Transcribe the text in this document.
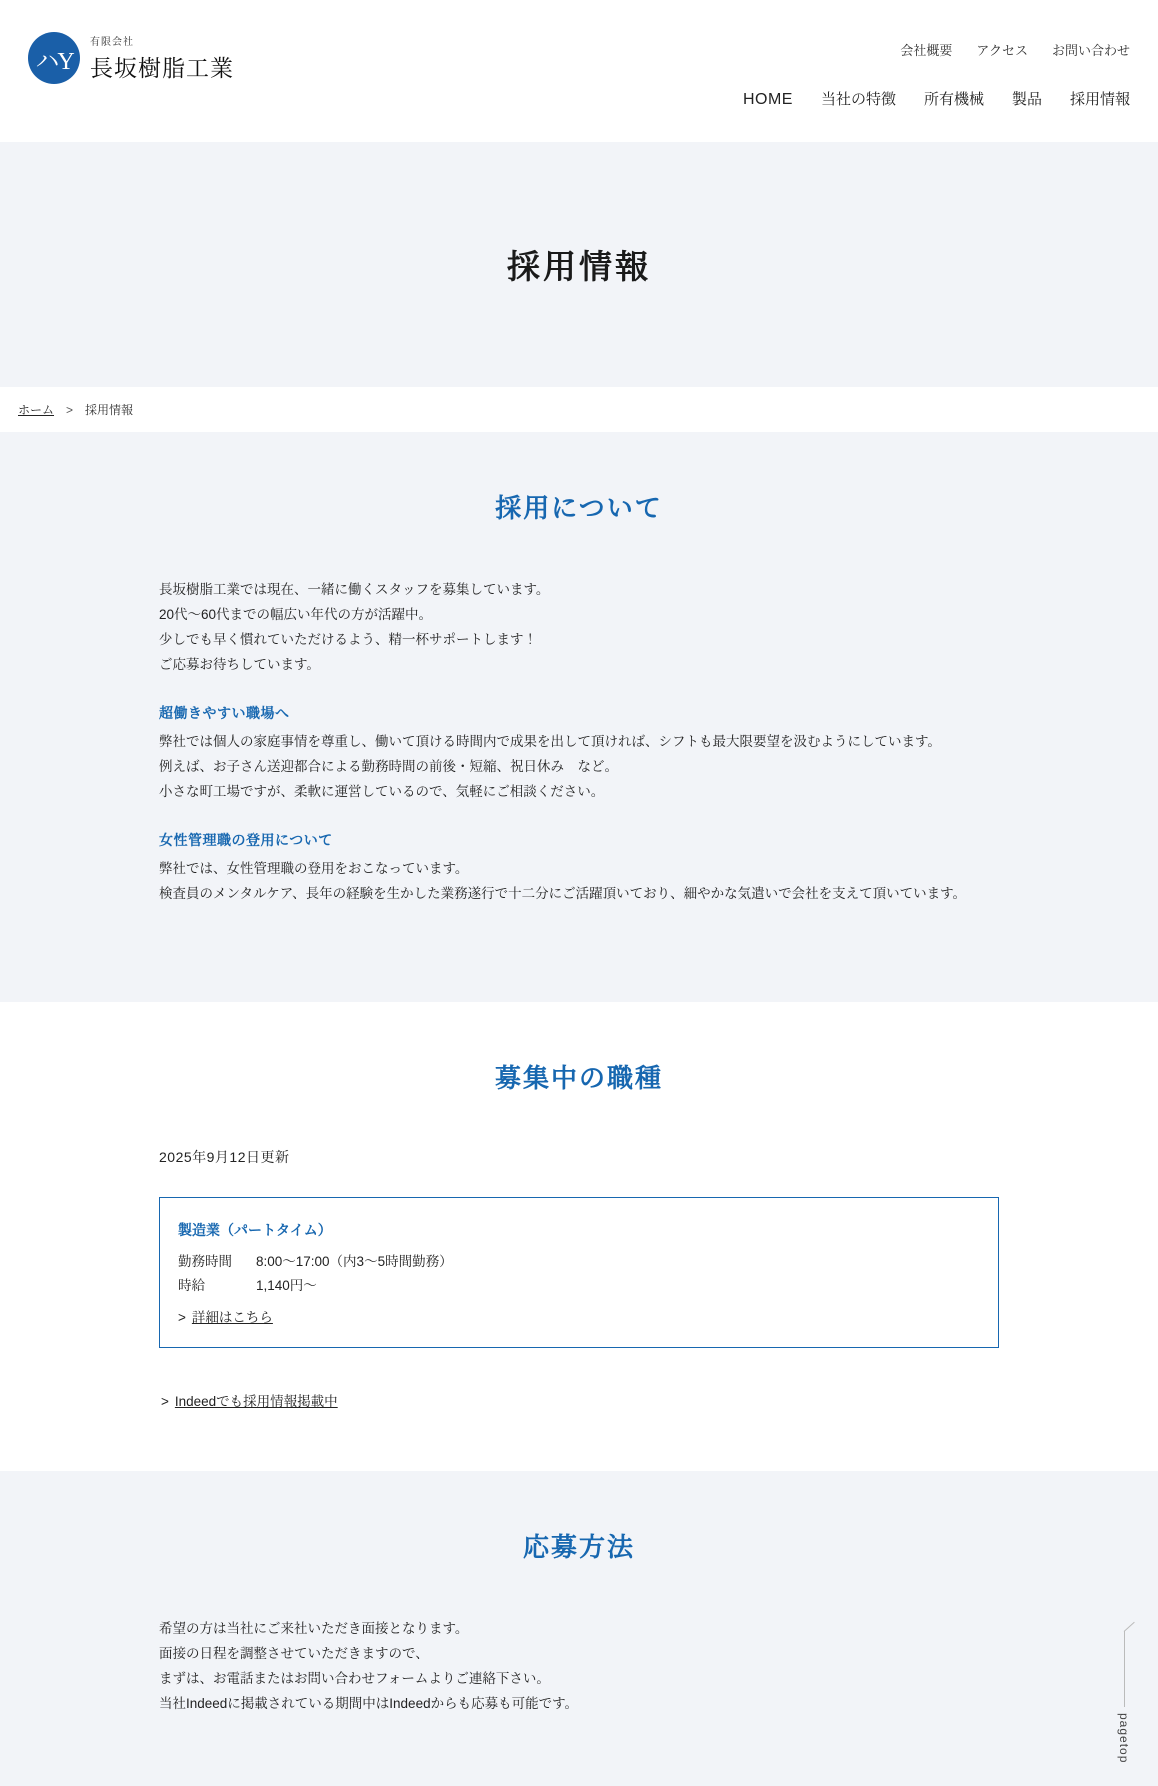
ハY
有限会社
長坂樹脂工業
会社概要 アクセス お問い合わせ
HOME 当社の特徴 所有機械 製品 採用情報
採用情報
ホーム > 採用情報
採用について
長坂樹脂工業では現在、一緒に働くスタッフを募集しています。
20代〜60代までの幅広い年代の方が活躍中。
少しでも早く慣れていただけるよう、精一杯サポートします！
ご応募お待ちしています。
超働きやすい職場へ
弊社では個人の家庭事情を尊重し、働いて頂ける時間内で成果を出して頂ければ、シフトも最大限要望を汲むようにしています。
例えば、お子さん送迎都合による勤務時間の前後・短縮、祝日休み　など。
小さな町工場ですが、柔軟に運営しているので、気軽にご相談ください。
女性管理職の登用について
弊社では、女性管理職の登用をおこなっています。
検査員のメンタルケア、長年の経験を生かした業務遂行で十二分にご活躍頂いており、細やかな気遣いで会社を支えて頂いています。
募集中の職種
2025年9月12日更新
製造業（パートタイム）
勤務時間 8:00〜17:00（内3〜5時間勤務）
時給	1,140円〜
> 詳細はこちら
> Indeedでも採用情報掲載中
応募方法
希望の方は当社にご来社いただき面接となります。
面接の日程を調整させていただきますので、
まずは、お電話またはお問い合わせフォームよりご連絡下さい。
当社Indeedに掲載されている期間中はIndeedからも応募も可能です。
pagetop
